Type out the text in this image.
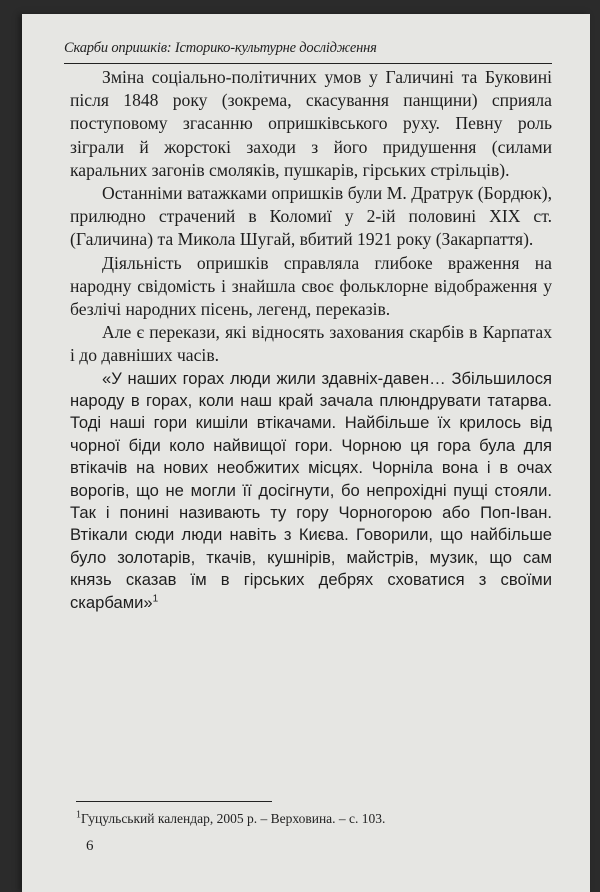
Скарби опришків: Історико-культурне дослідження

Зміна соціально-політичних умов у Галичині та Буковині після 1848 року (зокрема, скасування панщини) сприяла поступовому згасанню опришківського руху. Певну роль зіграли й жорстокі заходи з його придушення (силами каральних загонів смоляків, пушкарів, гірських стрільців).

Останніми ватажками опришків були М. Дратрук (Бордюк), прилюдно страчений в Коломиї у 2-ій половині ХІХ ст. (Галичина) та Микола Шугай, вбитий 1921 року (Закарпаття).

Діяльність опришків справляла глибоке враження на народну свідомість і знайшла своє фольклорне відображення у безлічі народних пісень, легенд, переказів.

Але є перекази, які відносять захования скарбів в Карпатах і до давніших часів.

«У наших горах люди жили здавніх-давен… Збільшилося народу в горах, коли наш край зачала плюндрувати татарва. Тоді наші гори кишіли втікачами. Найбільше їх крилось від чорної біди коло найвищої гори. Чорною ця гора була для втікачів на нових необжитих місцях. Чорніла вона і в очах ворогів, що не могли її досігнути, бо непрохідні пущі стояли. Так і понині називають ту гору Чорногорою або Поп-Іван. Втікали сюди люди навіть з Києва. Говорили, що найбільше було золотарів, ткачів, кушнірів, майстрів, музик, що сам князь сказав їм в гірських дебрях сховатися з своїми скарбами»$^1$

$^1$Гуцульський календар, 2005 р. – Верховина. – с. 103.
6
